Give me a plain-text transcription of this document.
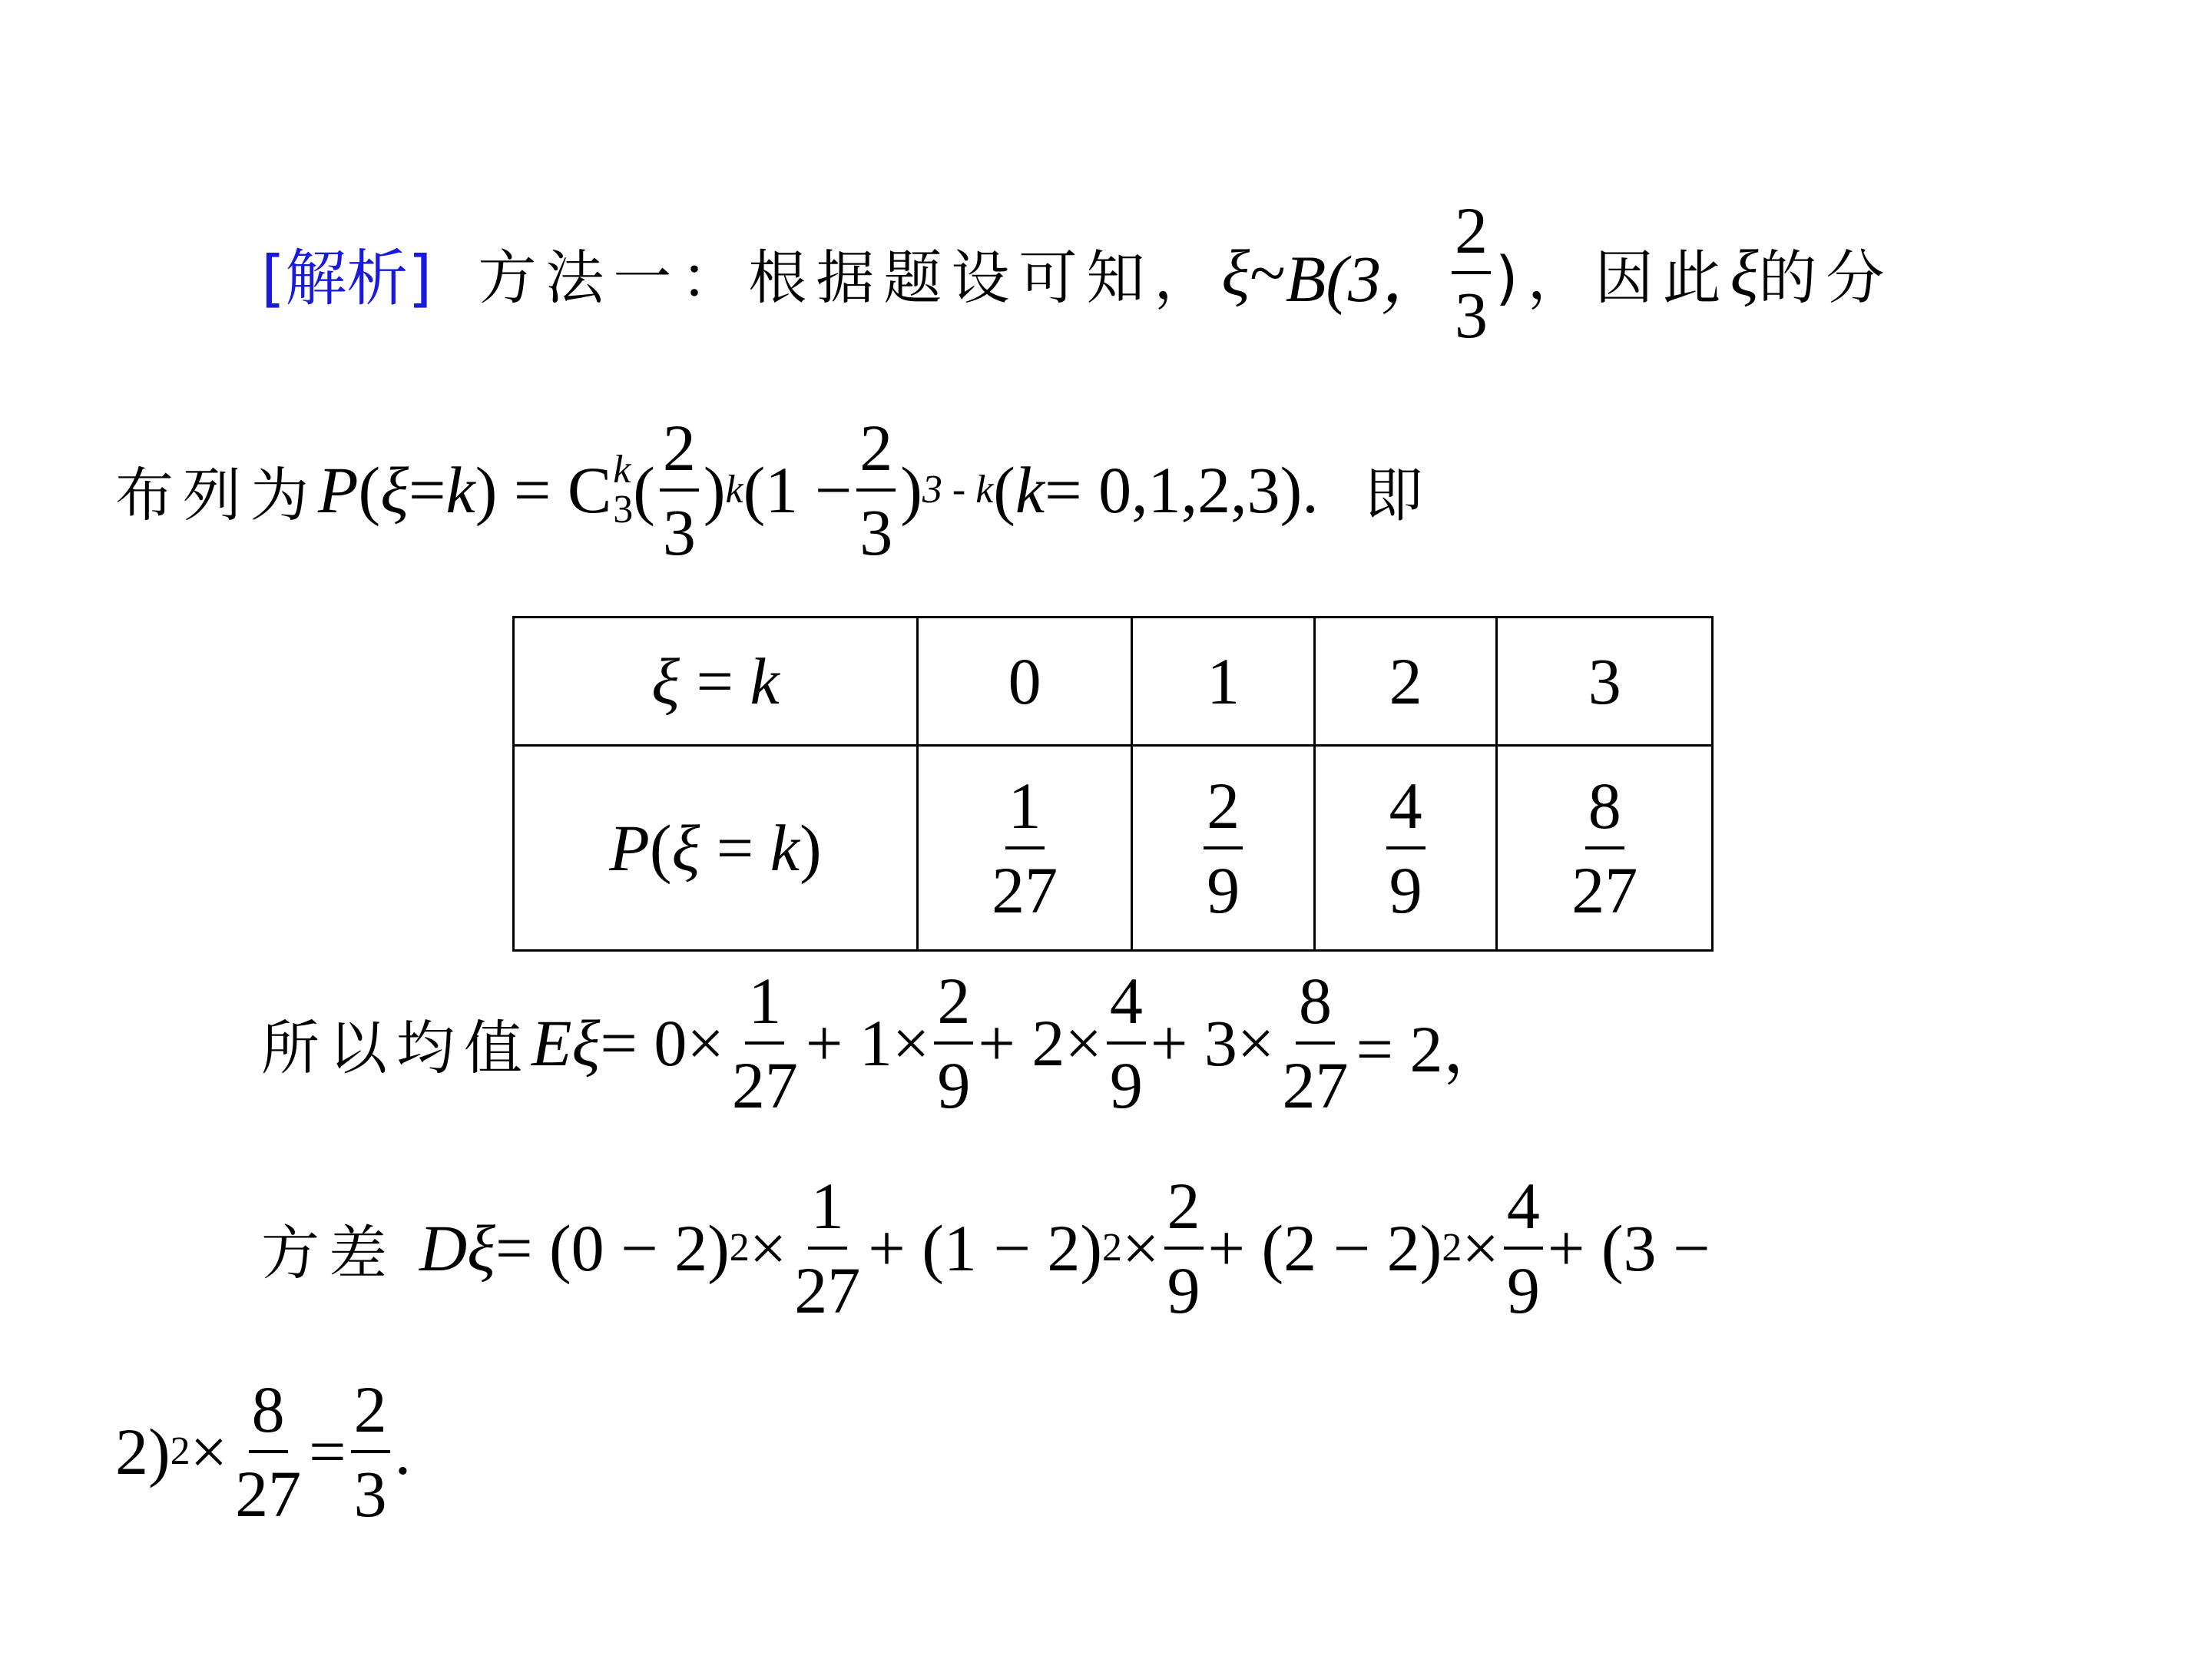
[解析] 方法一：根据题设可知， ξ ~ B(3， $\frac{2}{3}$ )，因此 ξ 的分
布列为 P ( ξ = k ) = C k
3 ( $\frac{2}{3}$ ) k ($1 - \frac{2}{3}$ ) 3 - k ( k = 0,1,2,3). 即
ξ = k	0	1	2	3
P(ξ = k)	$\frac{1}{27}$	$\frac{2}{9}$	$\frac{4}{9}$	$\frac{8}{27}$
所以均值 E $\xi = 0\times \frac{1}{27} + 1\times \frac{2}{9} + 2\times \frac{4}{9} + 3\times \frac{8}{27} = 2$，
方差 D ξ = (0 − 2) $2 \times \frac{1}{27} + (1 - 2) 2 \times \frac{2}{9} + (2 - 2) 2 \times \frac{4}{9} + (3$ −
2) $2 \times \frac{8}{27} = \frac{2}{3}$ .
